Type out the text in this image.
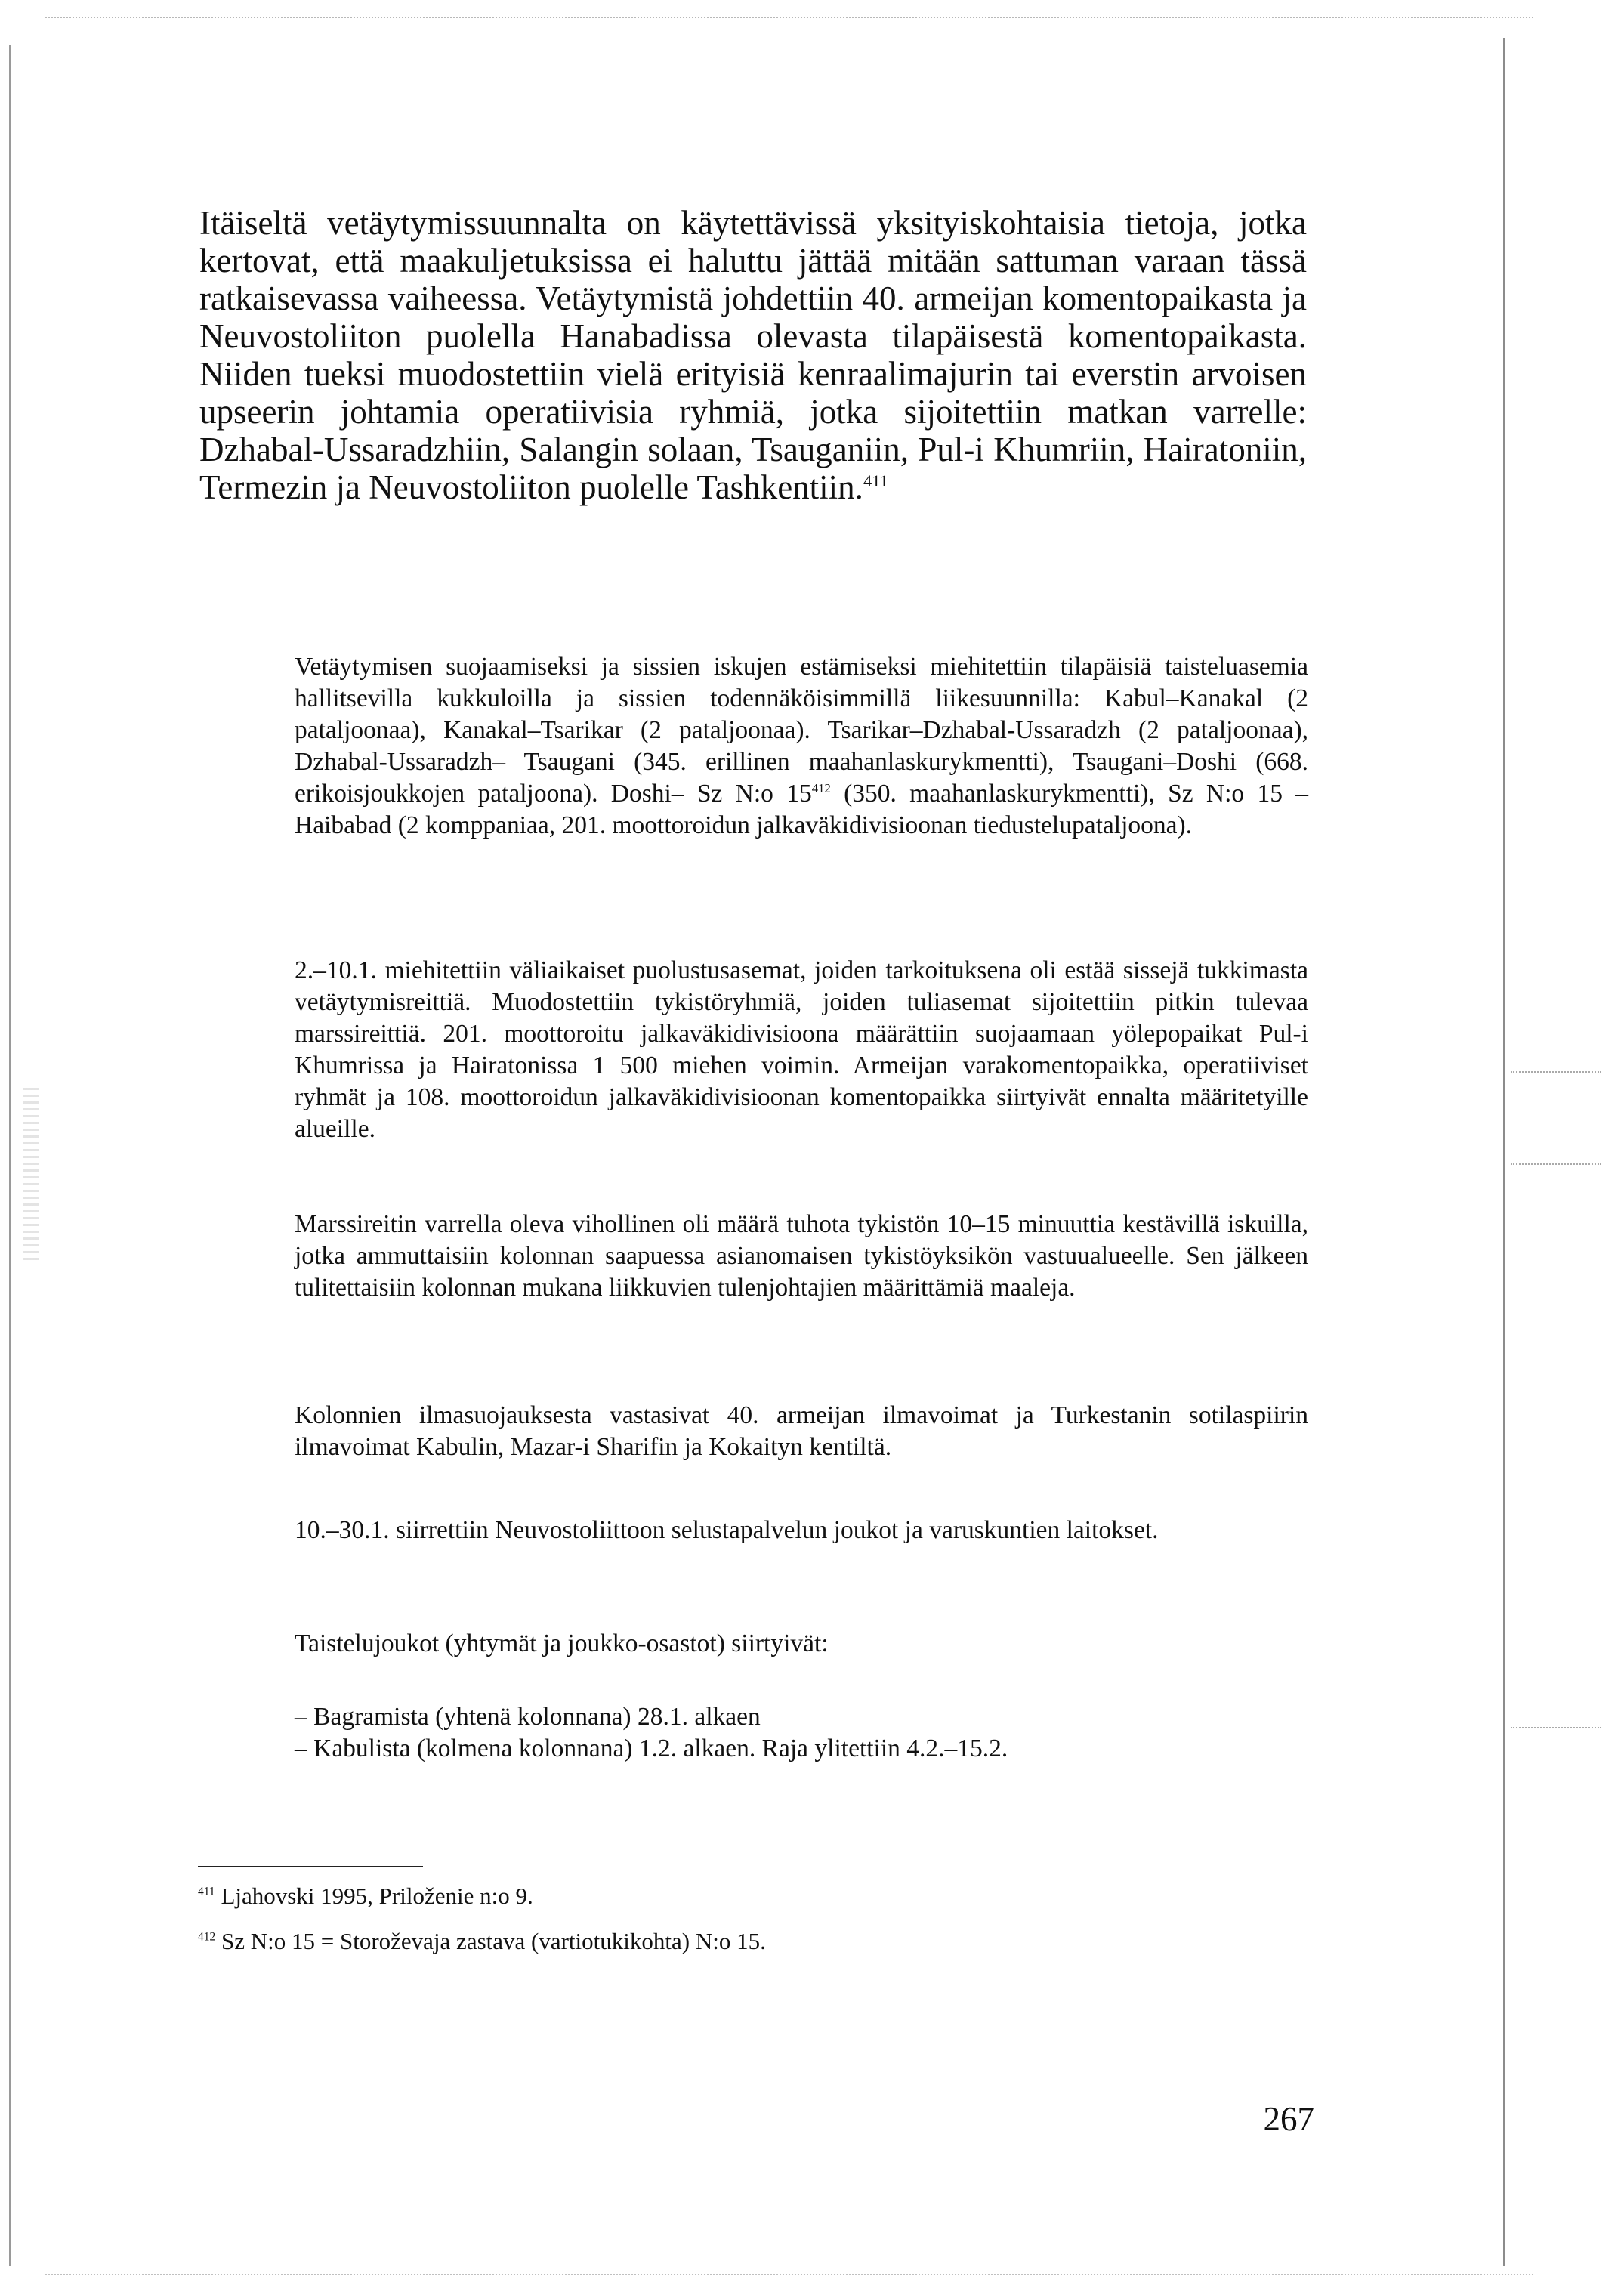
Itäiseltä vetäytymissuunnalta on käytettävissä yksityiskohtaisia tietoja, jotka kertovat, että maakuljetuksissa ei haluttu jättää mitään sattuman varaan tässä ratkaisevassa vaiheessa. Vetäytymistä johdettiin 40. armeijan komentopaikasta ja Neuvostoliiton puolella Hanabadissa olevasta tilapäisestä komentopaikasta. Niiden tueksi muodostettiin vielä erityisiä kenraalimajurin tai everstin arvoisen upseerin johtamia operatiivisia ryhmiä, jotka sijoitettiin matkan varrelle: Dzhabal-Ussaradzhiin, Salangin solaan, Tsauganiin, Pul-i Khumriin, Hairatoniin, Termezin ja Neuvostoliiton puolelle Tashkentiin.$^{411}$

Vetäytymisen suojaamiseksi ja sissien iskujen estämiseksi miehitettiin tilapäisiä taisteluasemia hallitsevilla kukkuloilla ja sissien todennäköisimmillä liikesuunnilla: Kabul–Kanakal (2 pataljoonaa), Kanakal–Tsarikar (2 pataljoonaa). Tsarikar–Dzhabal-Ussaradzh (2 pataljoonaa), Dzhabal-Ussaradzh– Tsaugani (345. erillinen maahanlaskurykmentti), Tsaugani–Doshi (668. erikoisjoukkojen pataljoona). Doshi– Sz N:o $15^{412}$ (350. maahanlaskurykmentti), Sz N:o 15 – Haibabad (2 komppaniaa, 201. moottoroidun jalkaväkidivisioonan tiedustelupataljoona).

2.–10.1. miehitettiin väliaikaiset puolustusasemat, joiden tarkoituksena oli estää sissejä tukkimasta vetäytymisreittiä. Muodostettiin tykistöryhmiä, joiden tuliasemat sijoitettiin pitkin tulevaa marssireittiä. 201. moottoroitu jalkaväkidivisioona määrättiin suojaamaan yölepopaikat Pul-i Khumrissa ja Hairatonissa 1 500 miehen voimin. Armeijan varakomentopaikka, operatiiviset ryhmät ja 108. moottoroidun jalkaväkidivisioonan komentopaikka siirtyivät ennalta määritetyille alueille.

Marssireitin varrella oleva vihollinen oli määrä tuhota tykistön 10–15 minuuttia kestävillä iskuilla, jotka ammuttaisiin kolonnan saapuessa asianomaisen tykistöyksikön vastuualueelle. Sen jälkeen tulitettaisiin kolonnan mukana liikkuvien tulenjohtajien määrittämiä maaleja.

Kolonnien ilmasuojauksesta vastasivat 40. armeijan ilmavoimat ja Turkestanin sotilaspiirin ilmavoimat Kabulin, Mazar-i Sharifin ja Kokaityn kentiltä.

10.–30.1. siirrettiin Neuvostoliittoon selustapalvelun joukot ja varuskuntien laitokset.

Taistelujoukot (yhtymät ja joukko-osastot) siirtyivät:

– Bagramista (yhtenä kolonnana) 28.1. alkaen
– Kabulista (kolmena kolonnana) 1.2. alkaen. Raja ylitettiin 4.2.–15.2.

$^{411}$ Ljahovski 1995, Priloženie n:o 9.

$^{412}$ Sz N:o 15 = Storoževaja zastava (vartiotukikohta) N:o 15.

267
